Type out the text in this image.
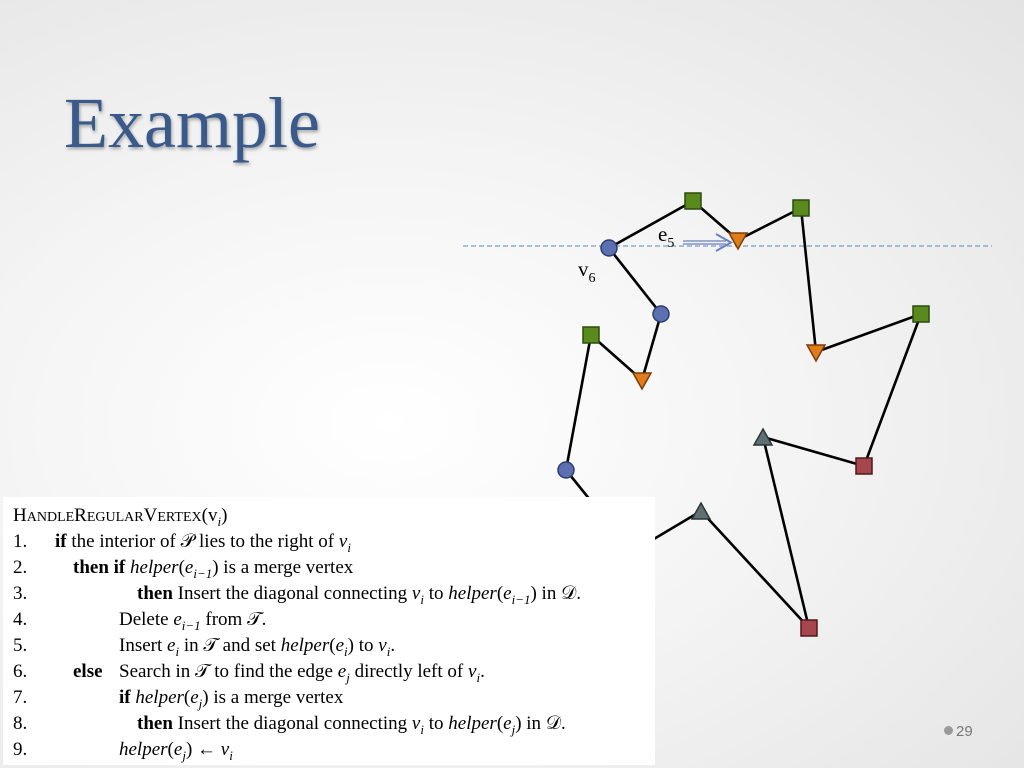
Example
$e_5$
$v_6$
$HANDLEREGULARVERTEX(v_i)$
1. if the interior of 𝒫 lies to the right of $v_i$
2. then if $helper(e_{i-1})$ is a merge vertex
3.	then Insert the diagonal connecting $v_i$ to $helper(e_{i-1})$ in 𝒟.
4.	Delete $e_{i-1}$ from 𝒯.
5.	Insert $e_i$ in 𝒯 and set $helper(e_i)$ to $v_i$.
6. else Search in 𝒯 to find the edge $e_j$ directly left of $v_i$.
7.	if $helper(e_j)$ is a merge vertex
8.	then Insert the diagonal connecting $v_i$ to $helper(e_j)$ in 𝒟.
9.	$helper(e_j)$ ← $v_i$
29
